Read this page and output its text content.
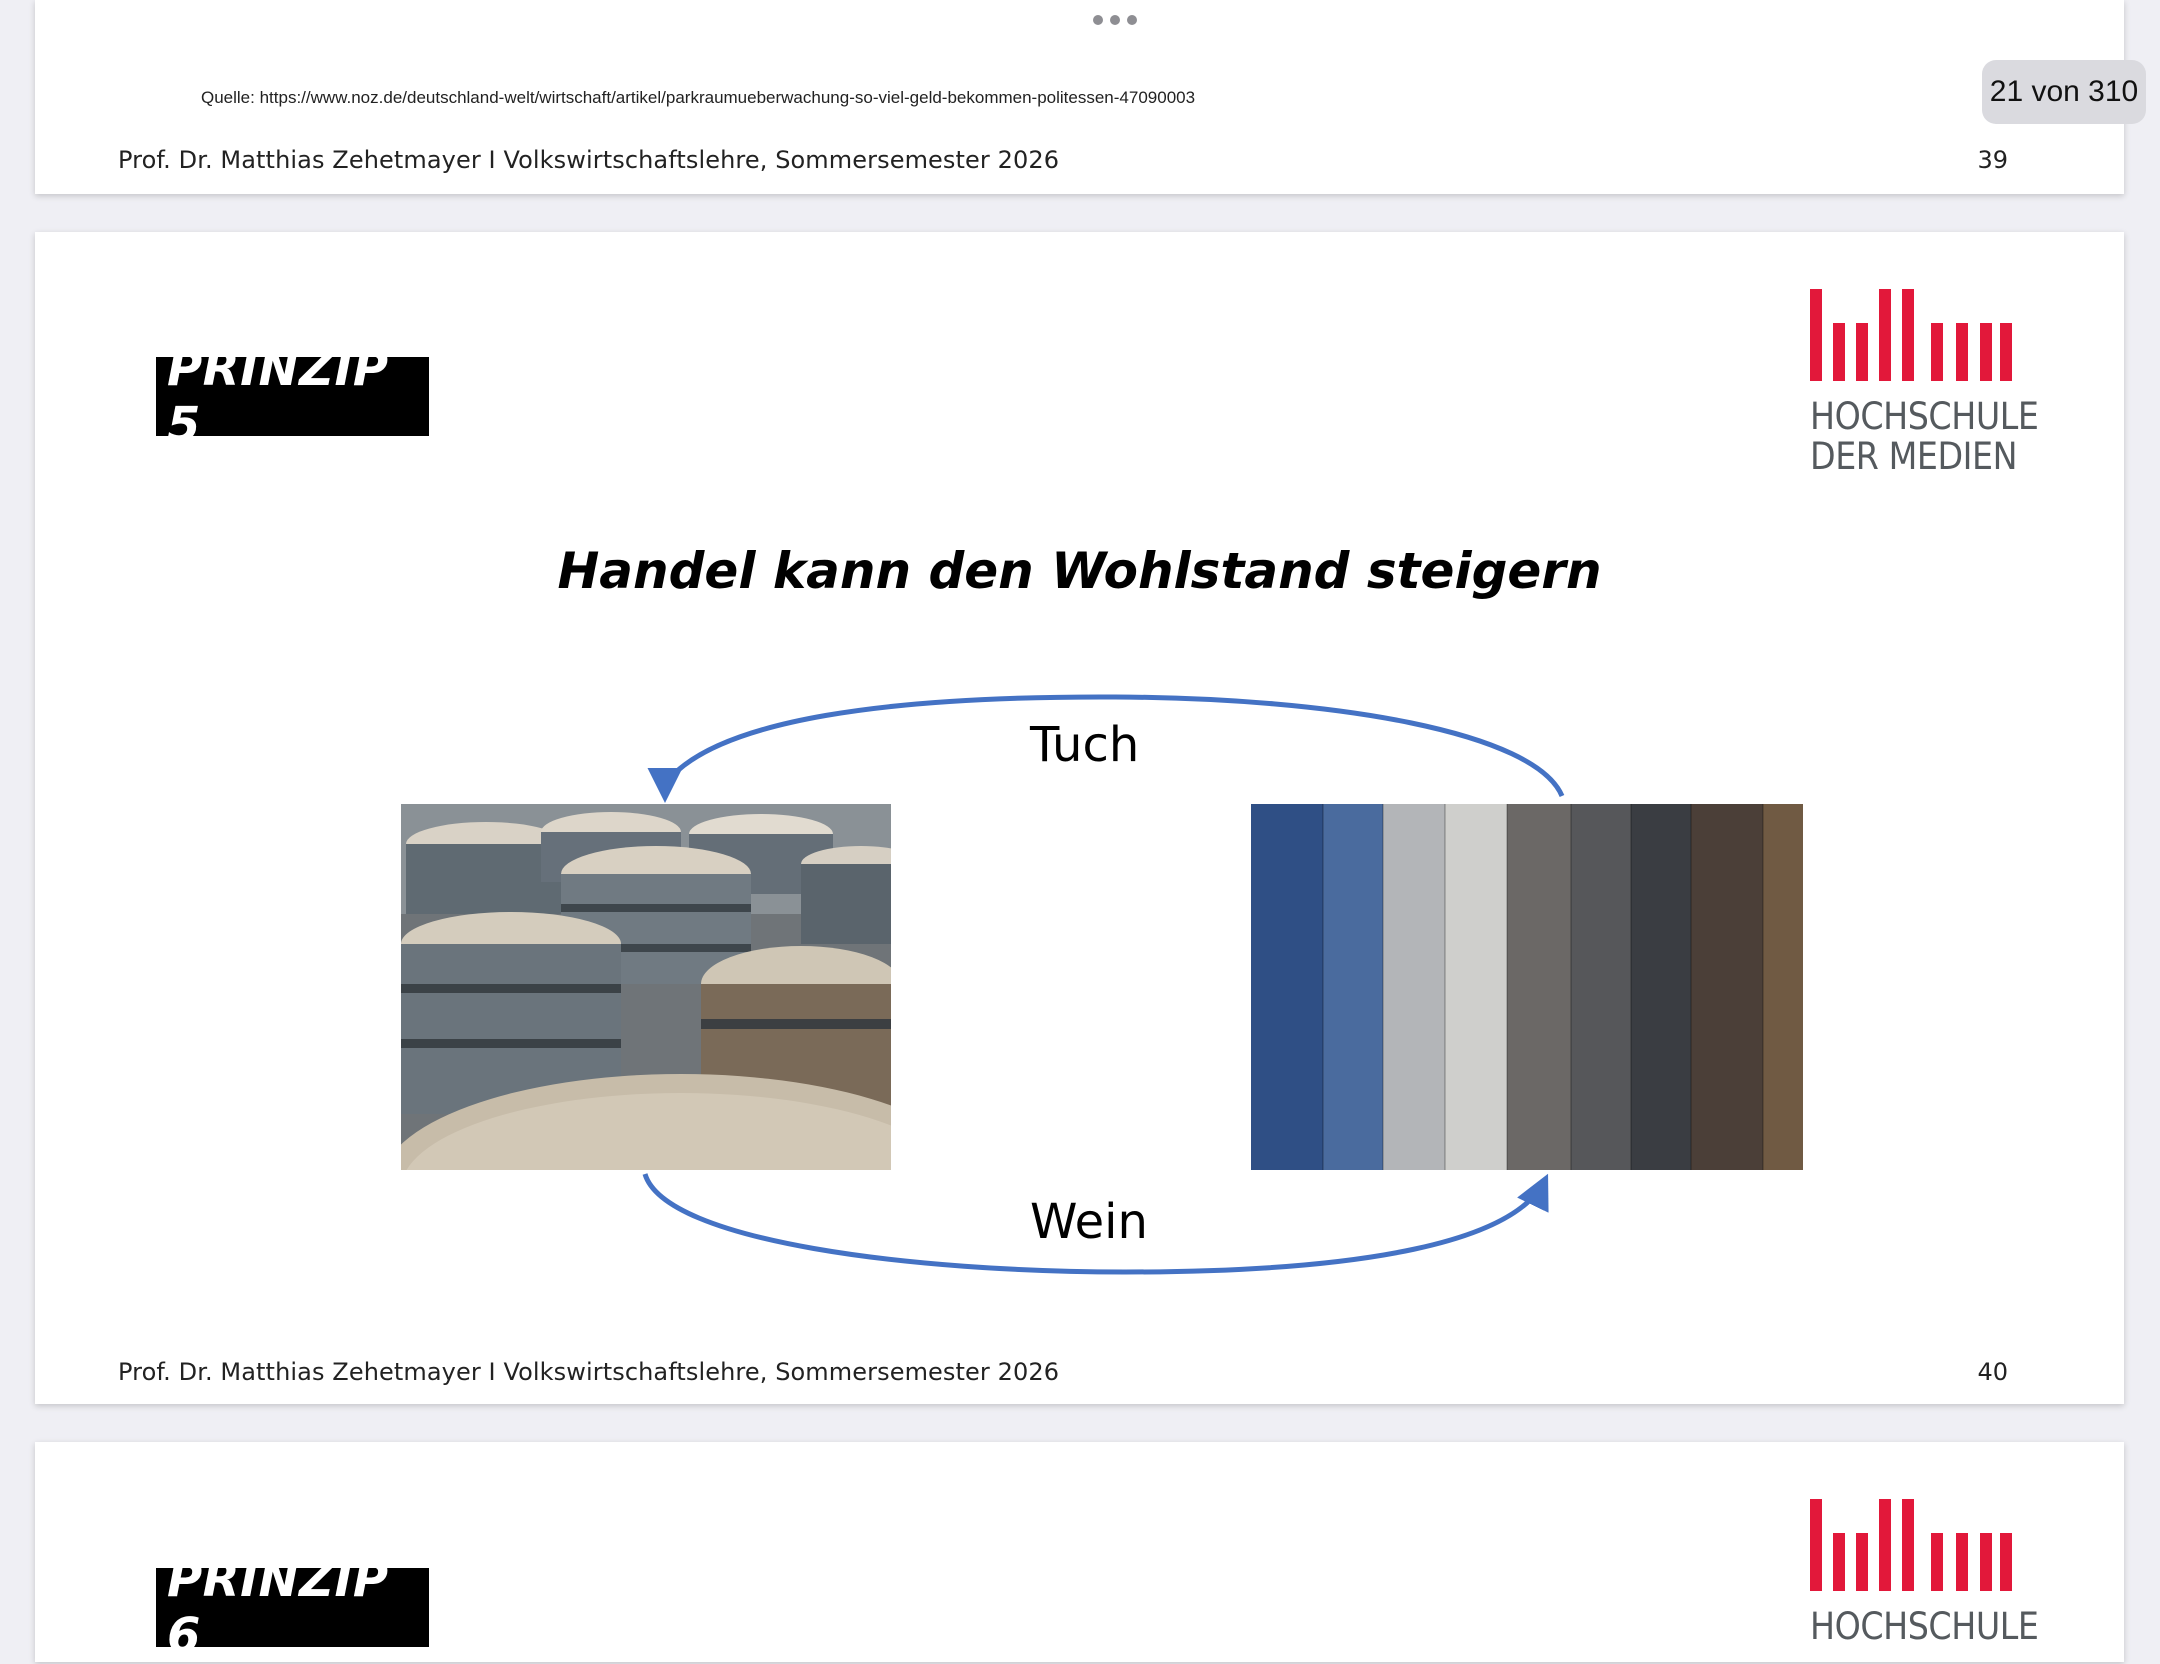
Quelle: https://www.noz.de/deutschland-welt/wirtschaft/artikel/parkraumueberwachung-so-viel-geld-bekommen-politessen-47090003
Prof. Dr. Matthias Zehetmayer I Volkswirtschaftslehre, Sommersemester 2026	39
21 von 310
PRINZIP 5	HOCHSCHULE
DER MEDIEN
Handel kann den Wohlstand steigern
Tuch
Wein
Prof. Dr. Matthias Zehetmayer I Volkswirtschaftslehre, Sommersemester 2026	40
PRINZIP 6	HOCHSCHULE
